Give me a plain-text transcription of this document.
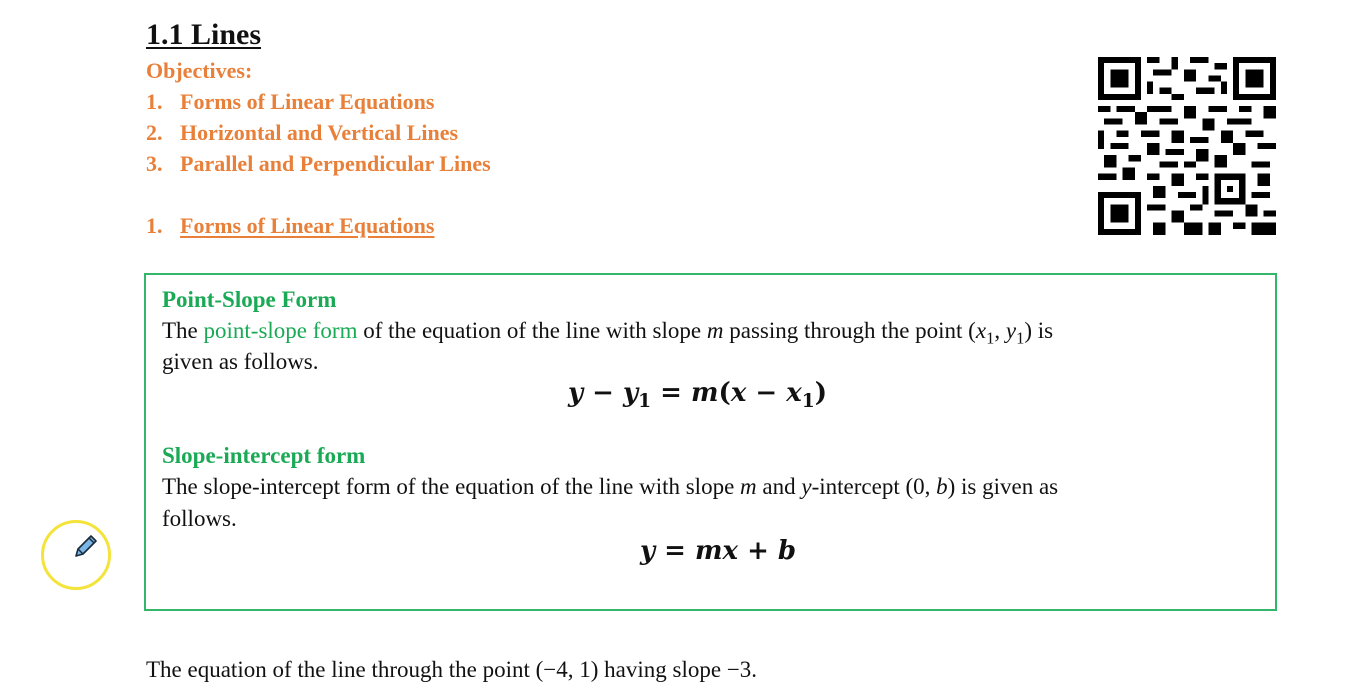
1.1 Lines
Objectives:
1. Forms of Linear Equations
2. Horizontal and Vertical Lines
3. Parallel and Perpendicular Lines
1. Forms of Linear Equations
Point-Slope Form
The point-slope form of the equation of the line with slope m passing through the point ($x_1$, $y_1$) is
given as follows.
$y - y_1 = m(x - x_1)$
Slope-intercept form
The slope-intercept form of the equation of the line with slope m and y-intercept (0, b) is given as
follows.
y = mx + b
The equation of the line through the point (−4, 1) having slope −3.
